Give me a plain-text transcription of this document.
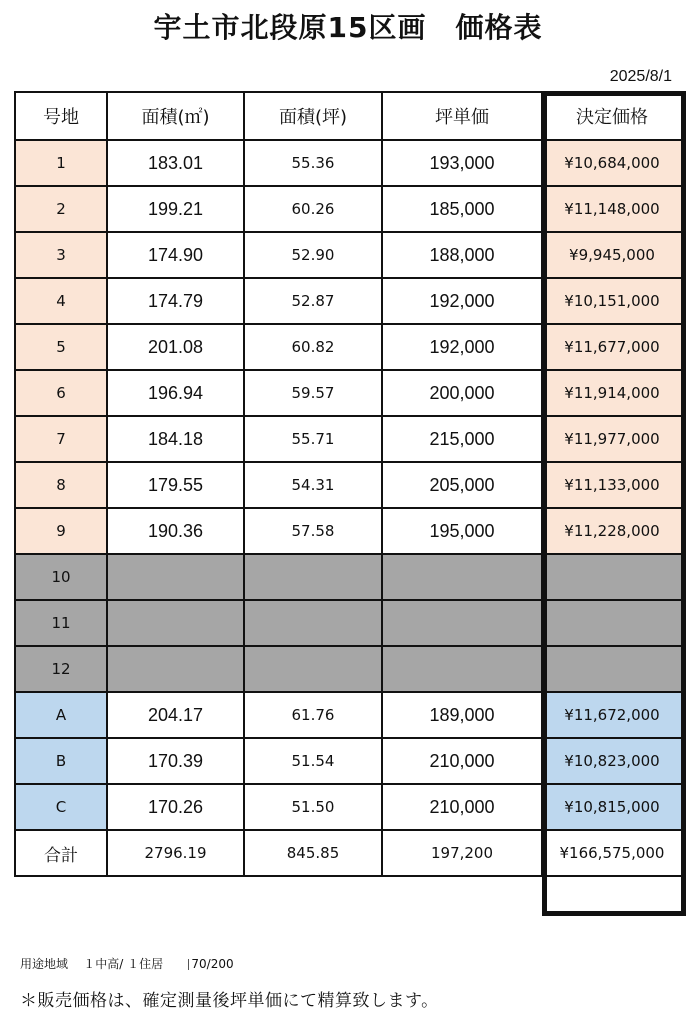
宇土市北段原15区画　価格表
2025/8/1
号地	面積(㎡)	面積(坪)	坪単価	決定価格
1	183.01	55.36	193,000	¥10,684,000
2	199.21	60.26	185,000	¥11,148,000
3	174.90	52.90	188,000	¥9,945,000
4	174.79	52.87	192,000	¥10,151,000
5	201.08	60.82	192,000	¥11,677,000
6	196.94	59.57	200,000	¥11,914,000
7	184.18	55.71	215,000	¥11,977,000
8	179.55	54.31	205,000	¥11,133,000
9	190.36	57.58	195,000	¥11,228,000
10				
11				
12				
A	204.17	61.76	189,000	¥11,672,000
B	170.39	51.54	210,000	¥10,823,000
C	170.26	51.50	210,000	¥10,815,000
合計	2796.19	845.85	197,200	¥166,575,000
用途地域 １中高/ １住居 70/200
＊販売価格は、確定測量後坪単価にて精算致します。
